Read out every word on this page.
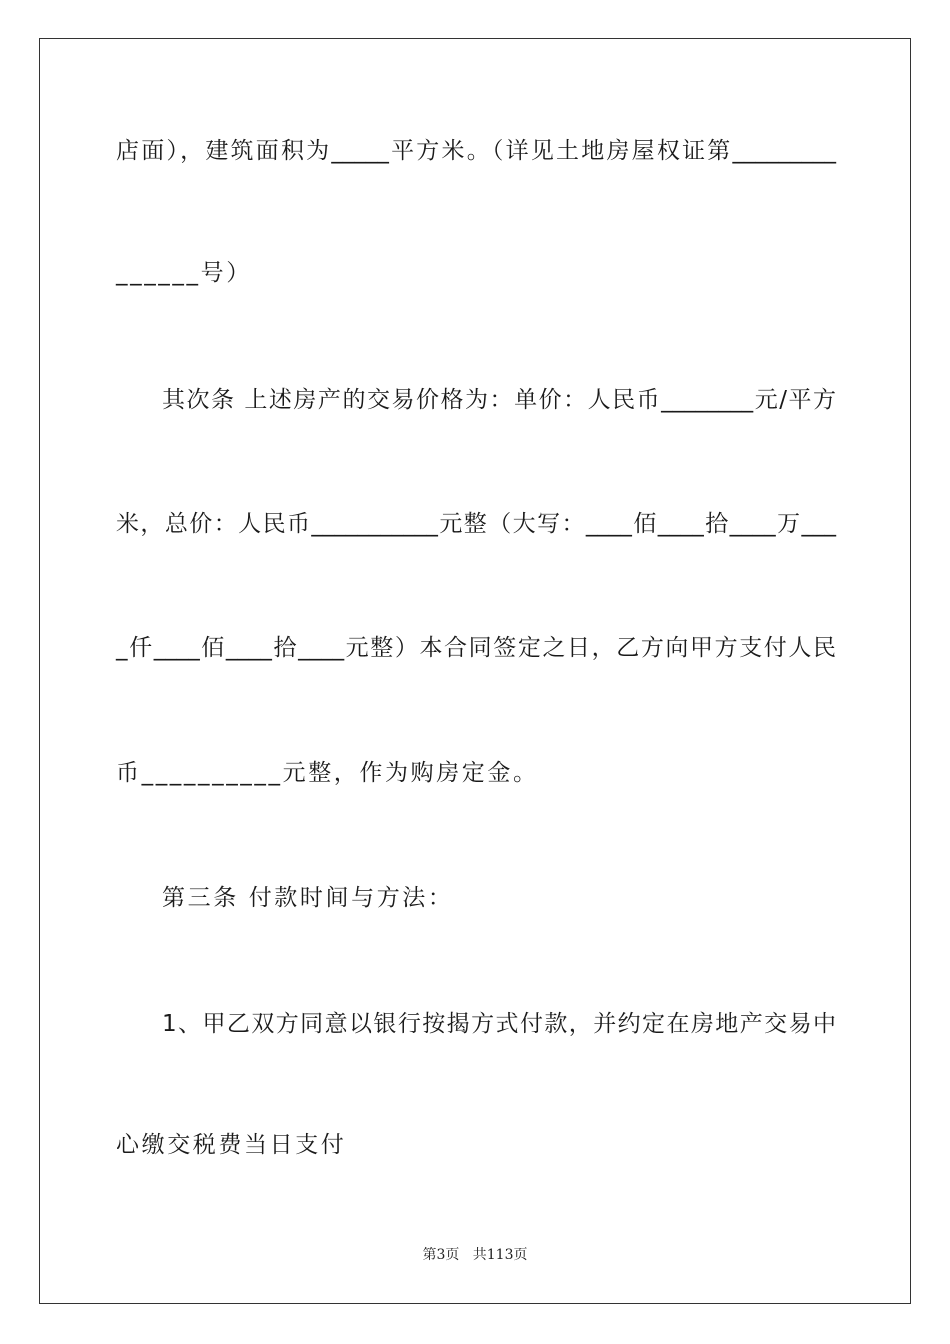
店面），建筑面积为_____平方米。（详见土地房屋权证第_________
______号）
其次条 上述房产的交易价格为：单价：人民币________元/平方
米，总价：人民币___________元整（大写：____佰____拾____万___
_仟____佰____拾____元整）本合同签定之日，乙方向甲方支付人民
币__________元整，作为购房定金。
第三条 付款时间与方法：
1、甲乙双方同意以银行按揭方式付款，并约定在房地产交易中
心缴交税费当日支付
第3页   共113页
